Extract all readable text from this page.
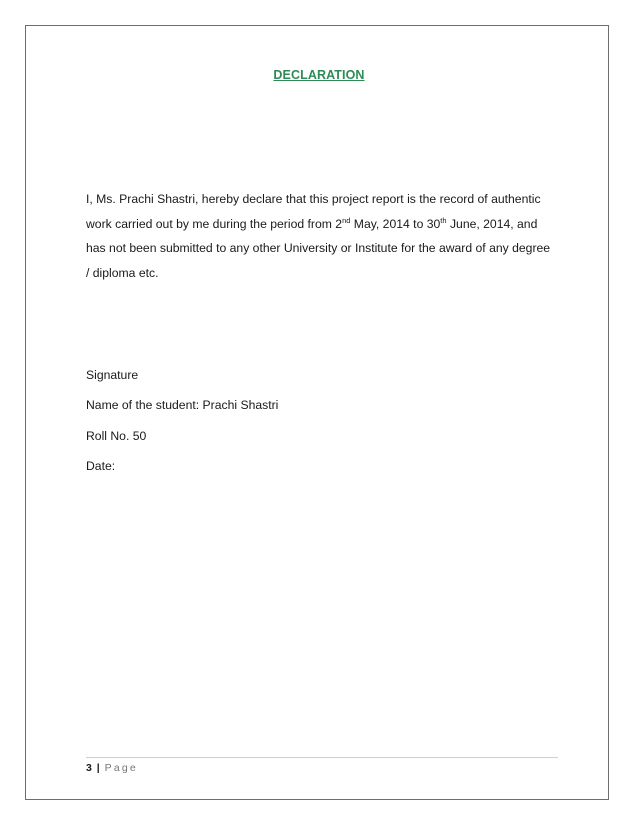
DECLARATION
I, Ms. Prachi Shastri, hereby declare that this project report is the record of authentic work carried out by me during the period from 2nd May, 2014 to 30th June, 2014, and has not been submitted to any other University or Institute for the award of any degree / diploma etc.
Signature
Name of the student: Prachi Shastri
Roll No. 50
Date:
3 | Page
